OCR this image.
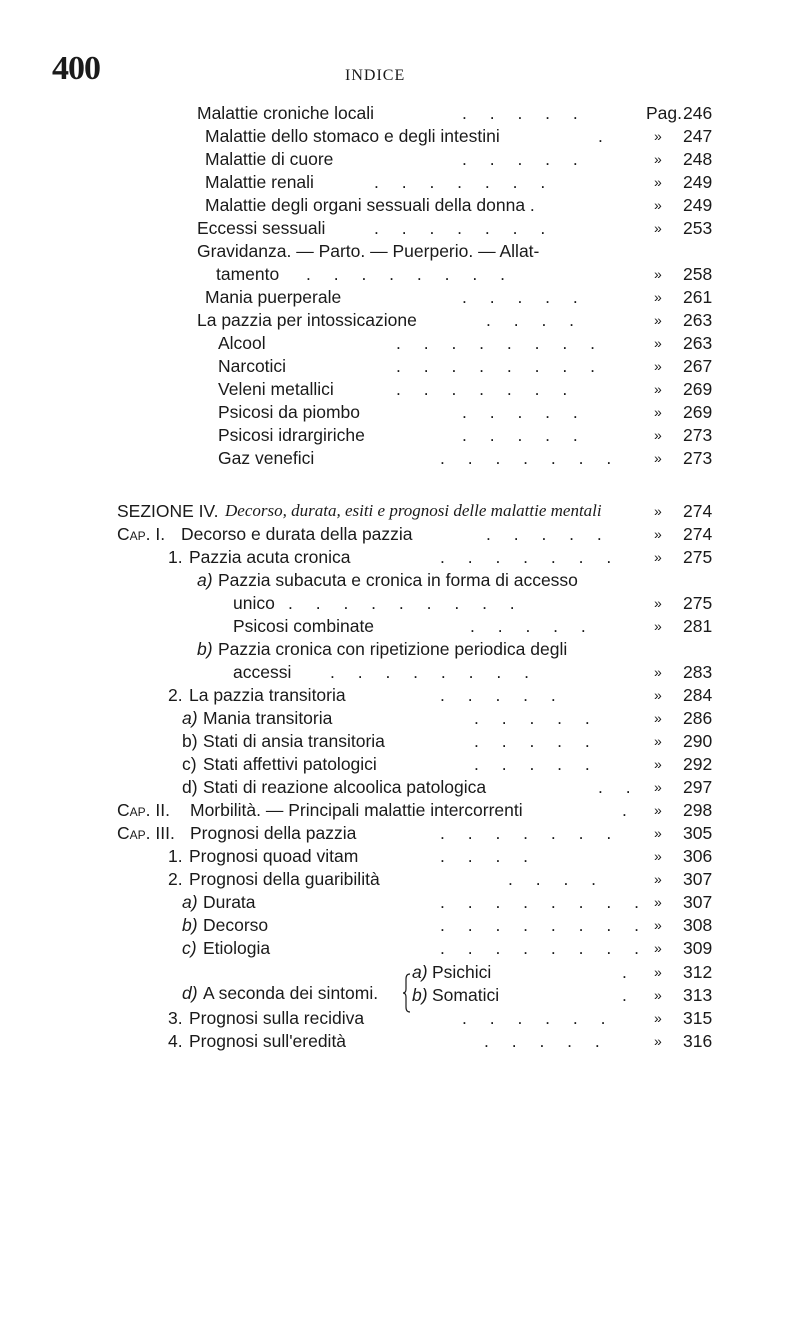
400	INDICE
Malattie croniche locali	. . . . .	Pag. 246
Malattie dello stomaco e degli intestini	.	» 247
Malattie di cuore	. . . . .	» 248
Malattie renali	. . . . . . .	» 249
Malattie degli organi sessuali della donna .	» 249
Eccessi sessuali	. . . . . . .	» 253
Gravidanza. — Parto. — Puerperio. — Allat-
tamento . . . . . . . .	» 258
Mania puerperale	. . . . .	» 261
La pazzia per intossicazione	. . . .	» 263
Alcool	. . . . . . . .	» 263
Narcotici	. . . . . . . .	» 267
Veleni metallici	. . . . . . .	» 269
Psicosi da piombo	. . . . .	» 269
Psicosi idrargiriche	. . . . .	» 273
Gaz venefici	. . . . . . . » 273
SEZIONE IV. Decorso, durata, esiti e prognosi delle malattie mentali	» 274
Cap. I. Decorso e durata della pazzia	. . . . .	» 274
1. Pazzia acuta cronica	. . . . . . . » 275
a) Pazzia subacuta e cronica in forma di accesso
unico . . . . . . . . .	» 275
Psicosi combinate	. . . . .	» 281
b) Pazzia cronica con ripetizione periodica degli
accessi . . . . . . . .	» 283
2. La pazzia transitoria	. . . . .	» 284
a) Mania transitoria	. . . . .	» 286
b) Stati di ansia transitoria	. . . . .	» 290
c) Stati affettivi patologici	. . . . .	» 292
d) Stati di reazione alcoolica patologica	. . » 297
Cap. II. Morbilità. — Principali malattie intercorrenti	. » 298
Cap. III. Prognosi della pazzia	. . . . . . . » 305
1. Prognosi quoad vitam	. . . .	» 306
2. Prognosi della guaribilità	. . . .	» 307
a) Durata	. . . . . . . . » 307
b) Decorso	. . . . . . . . » 308
c) Etiologia	. . . . . . . . » 309
d) A seconda dei sintomi.
a) Psichici	. » 312
b) Somatici	. » 313
3. Prognosi sulla recidiva	. . . . . .	» 315
4. Prognosi sull'eredità	. . . . .	» 316
